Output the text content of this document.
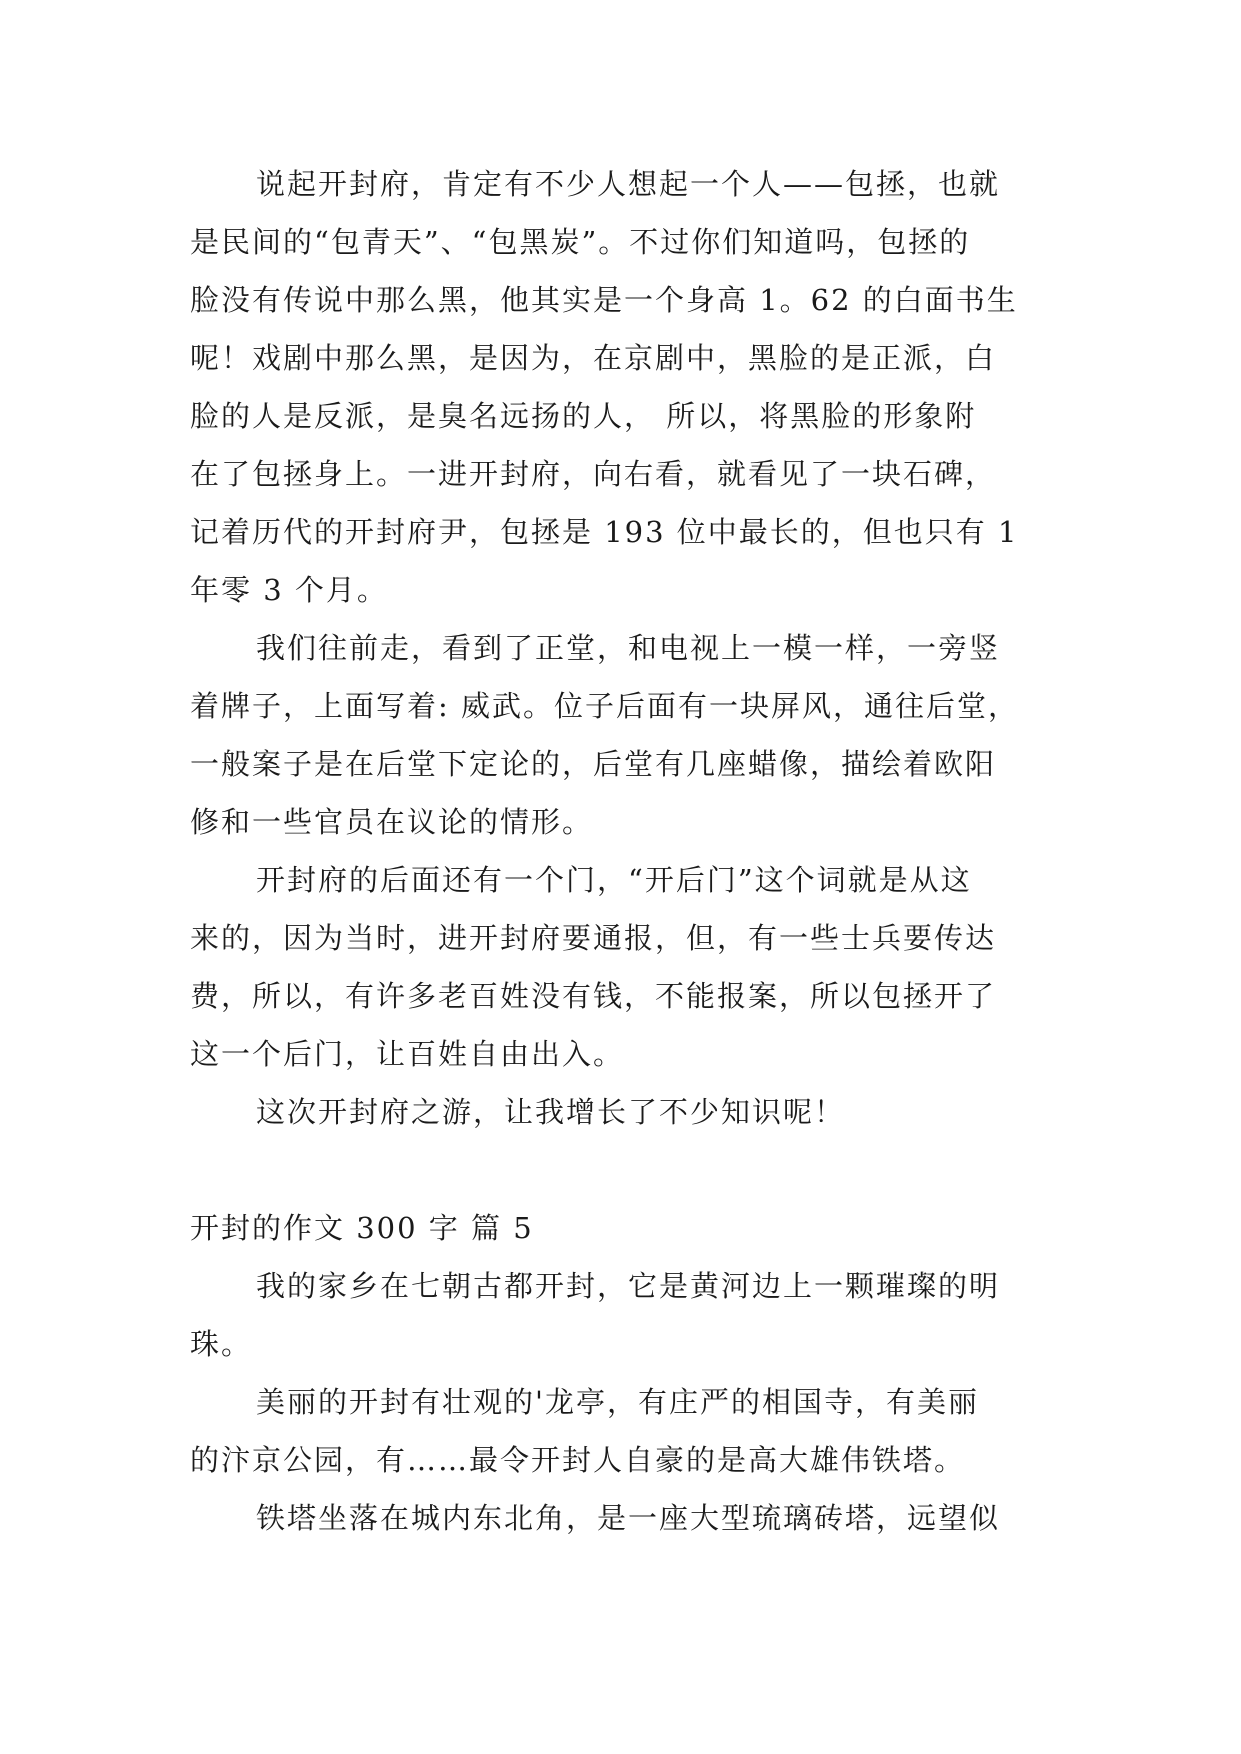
说起开封府，肯定有不少人想起一个人——包拯，也就
是民间的“包青天”、“包黑炭”。不过你们知道吗，包拯的
脸没有传说中那么黑，他其实是一个身高 1。62 的白面书生
呢！戏剧中那么黑，是因为，在京剧中，黑脸的是正派，白
脸的人是反派，是臭名远扬的人， 所以，将黑脸的形象附
在了包拯身上。一进开封府，向右看，就看见了一块石碑，
记着历代的开封府尹，包拯是 193 位中最长的，但也只有 1
年零 3 个月。
我们往前走，看到了正堂，和电视上一模一样，一旁竖
着牌子，上面写着: 威武。位子后面有一块屏风，通往后堂，
一般案子是在后堂下定论的，后堂有几座蜡像，描绘着欧阳
修和一些官员在议论的情形。
开封府的后面还有一个门，“开后门”这个词就是从这
来的，因为当时，进开封府要通报，但，有一些士兵要传达
费，所以，有许多老百姓没有钱，不能报案，所以包拯开了
这一个后门，让百姓自由出入。
这次开封府之游，让我增长了不少知识呢！
开封的作文 300 字 篇 5
我的家乡在七朝古都开封，它是黄河边上一颗璀璨的明
珠。
美丽的开封有壮观的'龙亭，有庄严的相国寺，有美丽
的汴京公园，有……最令开封人自豪的是高大雄伟铁塔。
铁塔坐落在城内东北角，是一座大型琉璃砖塔，远望似
